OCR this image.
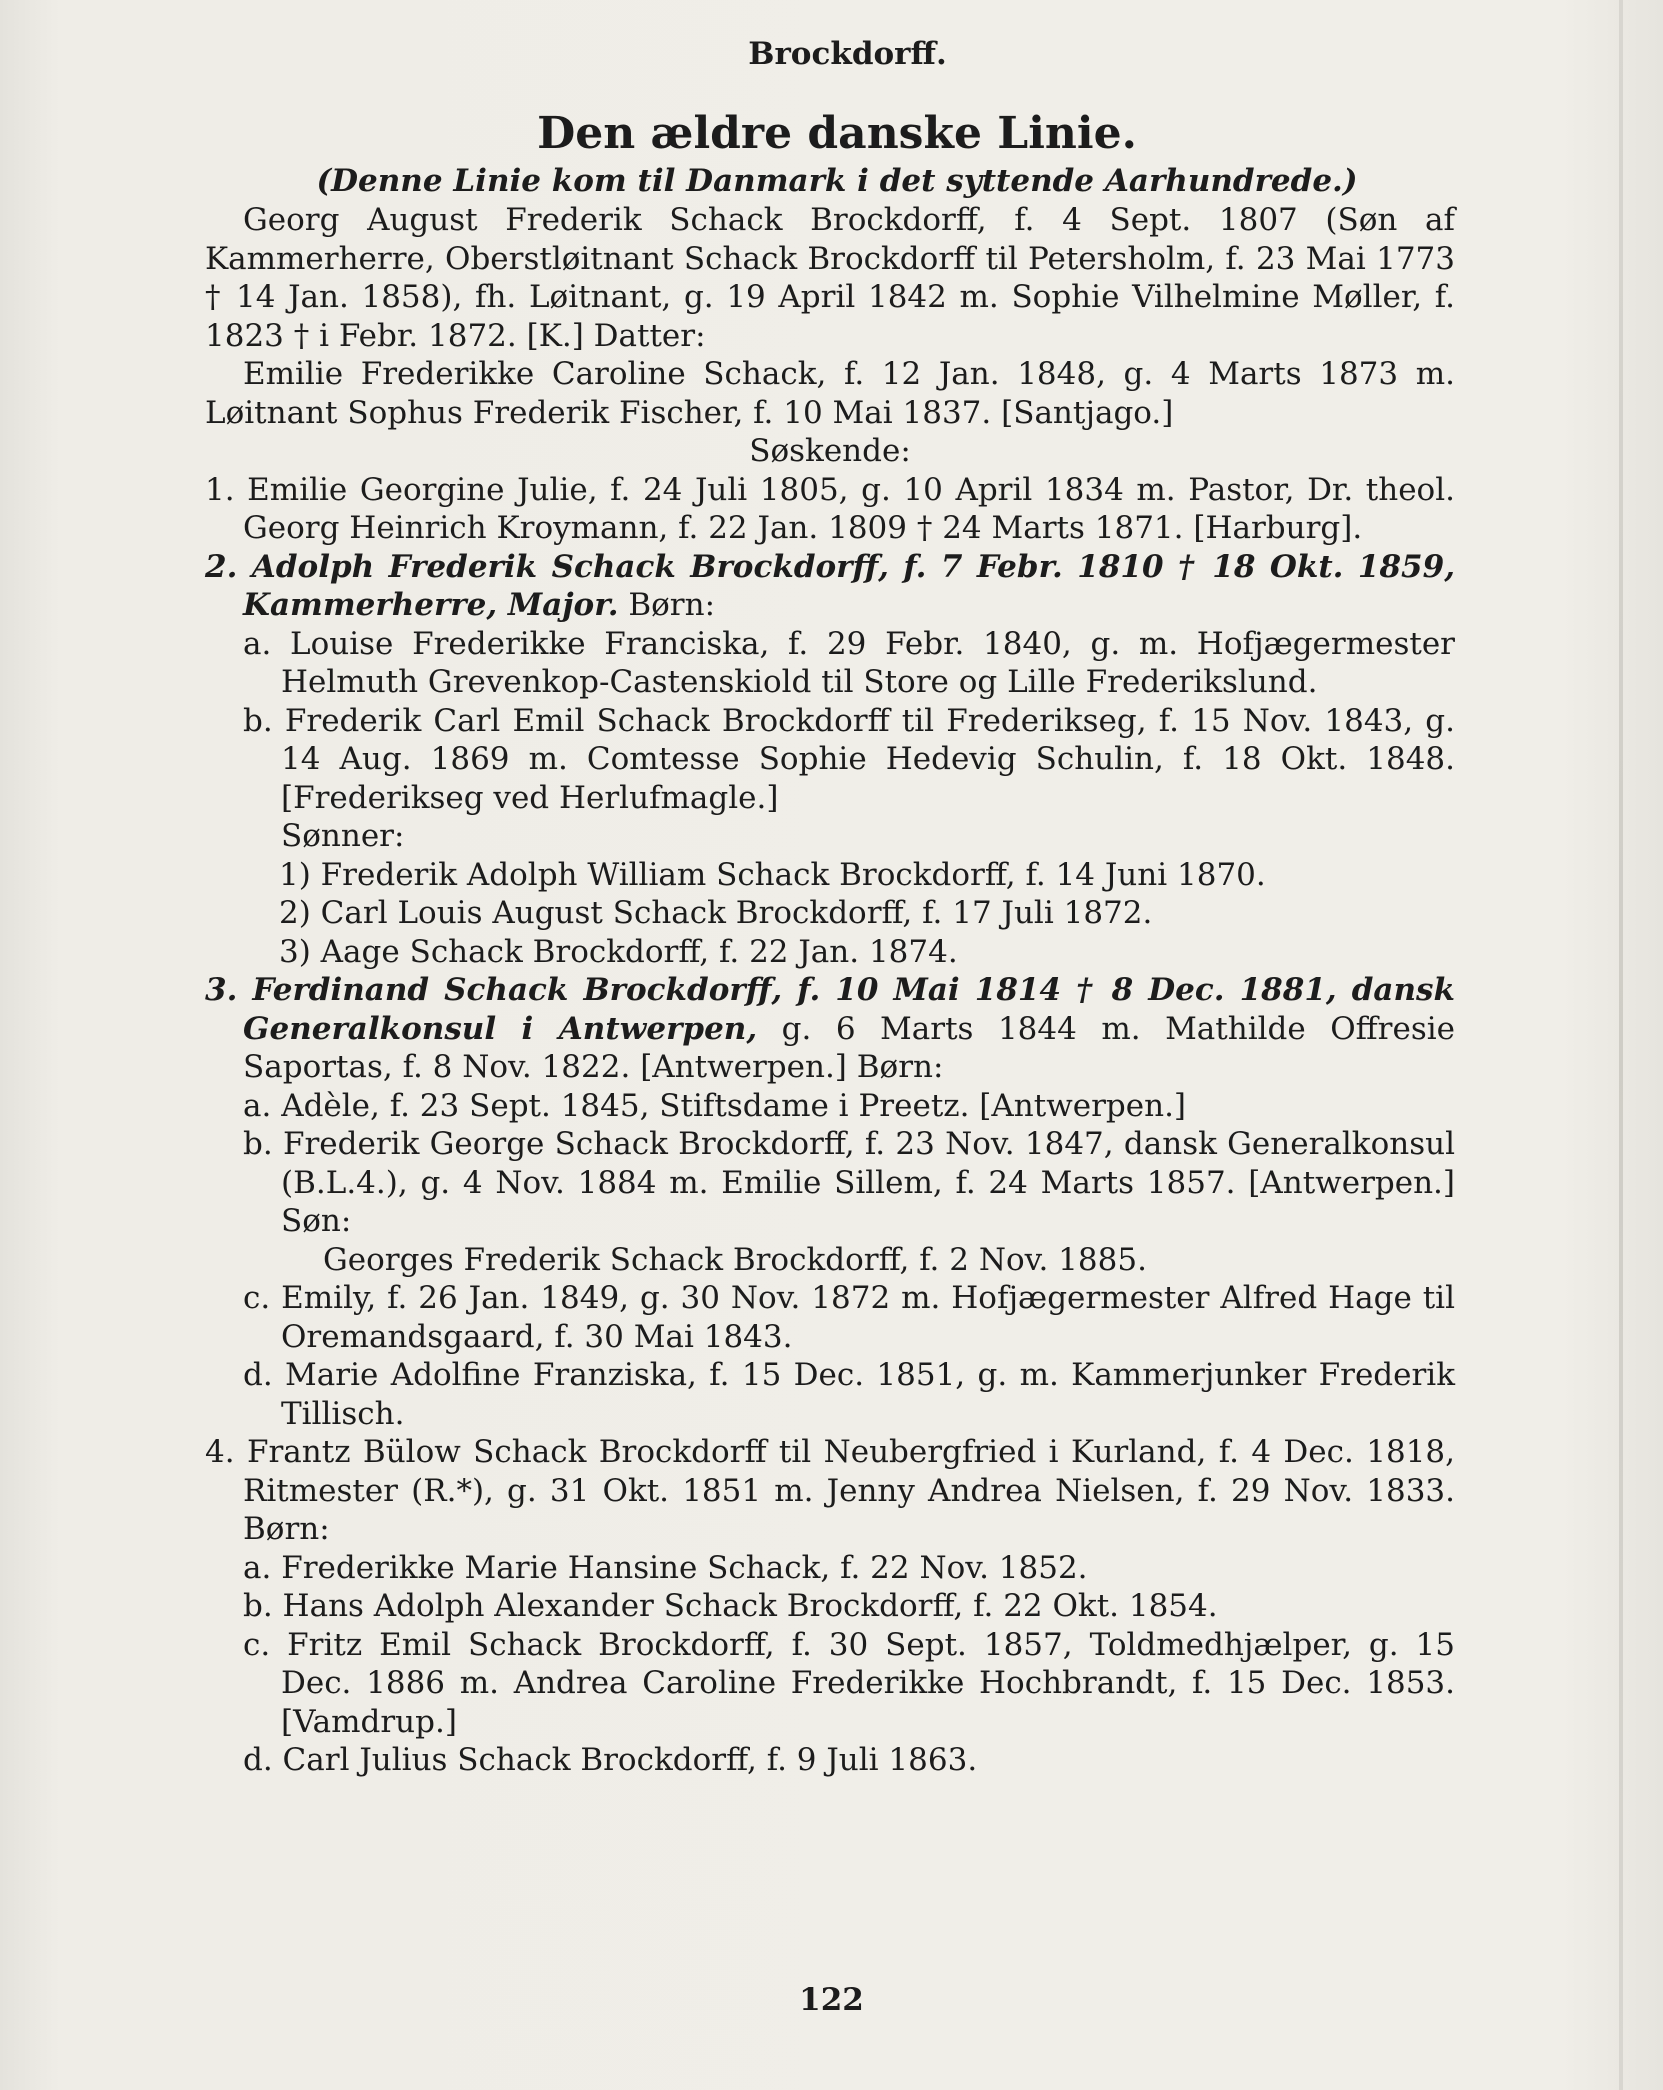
Brockdorff.
Den ældre danske Linie.
(Denne Linie kom til Danmark i det syttende Aarhundrede.)

Georg August Frederik Schack Brockdorff, f. 4 Sept. 1807 (Søn af Kammerherre, Oberstløitnant Schack Brockdorff til Petersholm, f. 23 Mai 1773 † 14 Jan. 1858), fh. Løitnant, g. 19 April 1842 m. Sophie Vilhelmine Møller, f. 1823 † i Febr. 1872. [K.] Datter:

Emilie Frederikke Caroline Schack, f. 12 Jan. 1848, g. 4 Marts 1873 m. Løitnant Sophus Frederik Fischer, f. 10 Mai 1837. [Santjago.]

Søskende:

1. Emilie Georgine Julie, f. 24 Juli 1805, g. 10 April 1834 m. Pastor, Dr. theol. Georg Heinrich Kroymann, f. 22 Jan. 1809 † 24 Marts 1871. [Harburg].

2. Adolph Frederik Schack Brockdorff, f. 7 Febr. 1810 † 18 Okt. 1859, Kammerherre, Major. Børn:

a. Louise Frederikke Franciska, f. 29 Febr. 1840, g. m. Hofjægermester Helmuth Grevenkop-Castenskiold til Store og Lille Frederikslund.

b. Frederik Carl Emil Schack Brockdorff til Frederikseg, f. 15 Nov. 1843, g. 14 Aug. 1869 m. Comtesse Sophie Hedevig Schulin, f. 18 Okt. 1848. [Frederikseg ved Herlufmagle.]

Sønner:

1) Frederik Adolph William Schack Brockdorff, f. 14 Juni 1870.

2) Carl Louis August Schack Brockdorff, f. 17 Juli 1872.

3) Aage Schack Brockdorff, f. 22 Jan. 1874.

3. Ferdinand Schack Brockdorff, f. 10 Mai 1814 † 8 Dec. 1881, dansk Generalkonsul i Antwerpen, g. 6 Marts 1844 m. Mathilde Offresie Saportas, f. 8 Nov. 1822. [Antwerpen.] Børn:

a. Adèle, f. 23 Sept. 1845, Stiftsdame i Preetz. [Antwerpen.]

b. Frederik George Schack Brockdorff, f. 23 Nov. 1847, dansk Generalkonsul (B.L.4.), g. 4 Nov. 1884 m. Emilie Sillem, f. 24 Marts 1857. [Antwerpen.] Søn:

Georges Frederik Schack Brockdorff, f. 2 Nov. 1885.

c. Emily, f. 26 Jan. 1849, g. 30 Nov. 1872 m. Hofjægermester Alfred Hage til Oremandsgaard, f. 30 Mai 1843.

d. Marie Adolfine Franziska, f. 15 Dec. 1851, g. m. Kammerjunker Frederik Tillisch.

4. Frantz Bülow Schack Brockdorff til Neubergfried i Kurland, f. 4 Dec. 1818, Ritmester (R.*), g. 31 Okt. 1851 m. Jenny Andrea Nielsen, f. 29 Nov. 1833. Børn:

a. Frederikke Marie Hansine Schack, f. 22 Nov. 1852.

b. Hans Adolph Alexander Schack Brockdorff, f. 22 Okt. 1854.

c. Fritz Emil Schack Brockdorff, f. 30 Sept. 1857, Toldmedhjælper, g. 15 Dec. 1886 m. Andrea Caroline Frederikke Hochbrandt, f. 15 Dec. 1853. [Vamdrup.]

d. Carl Julius Schack Brockdorff, f. 9 Juli 1863.

122
